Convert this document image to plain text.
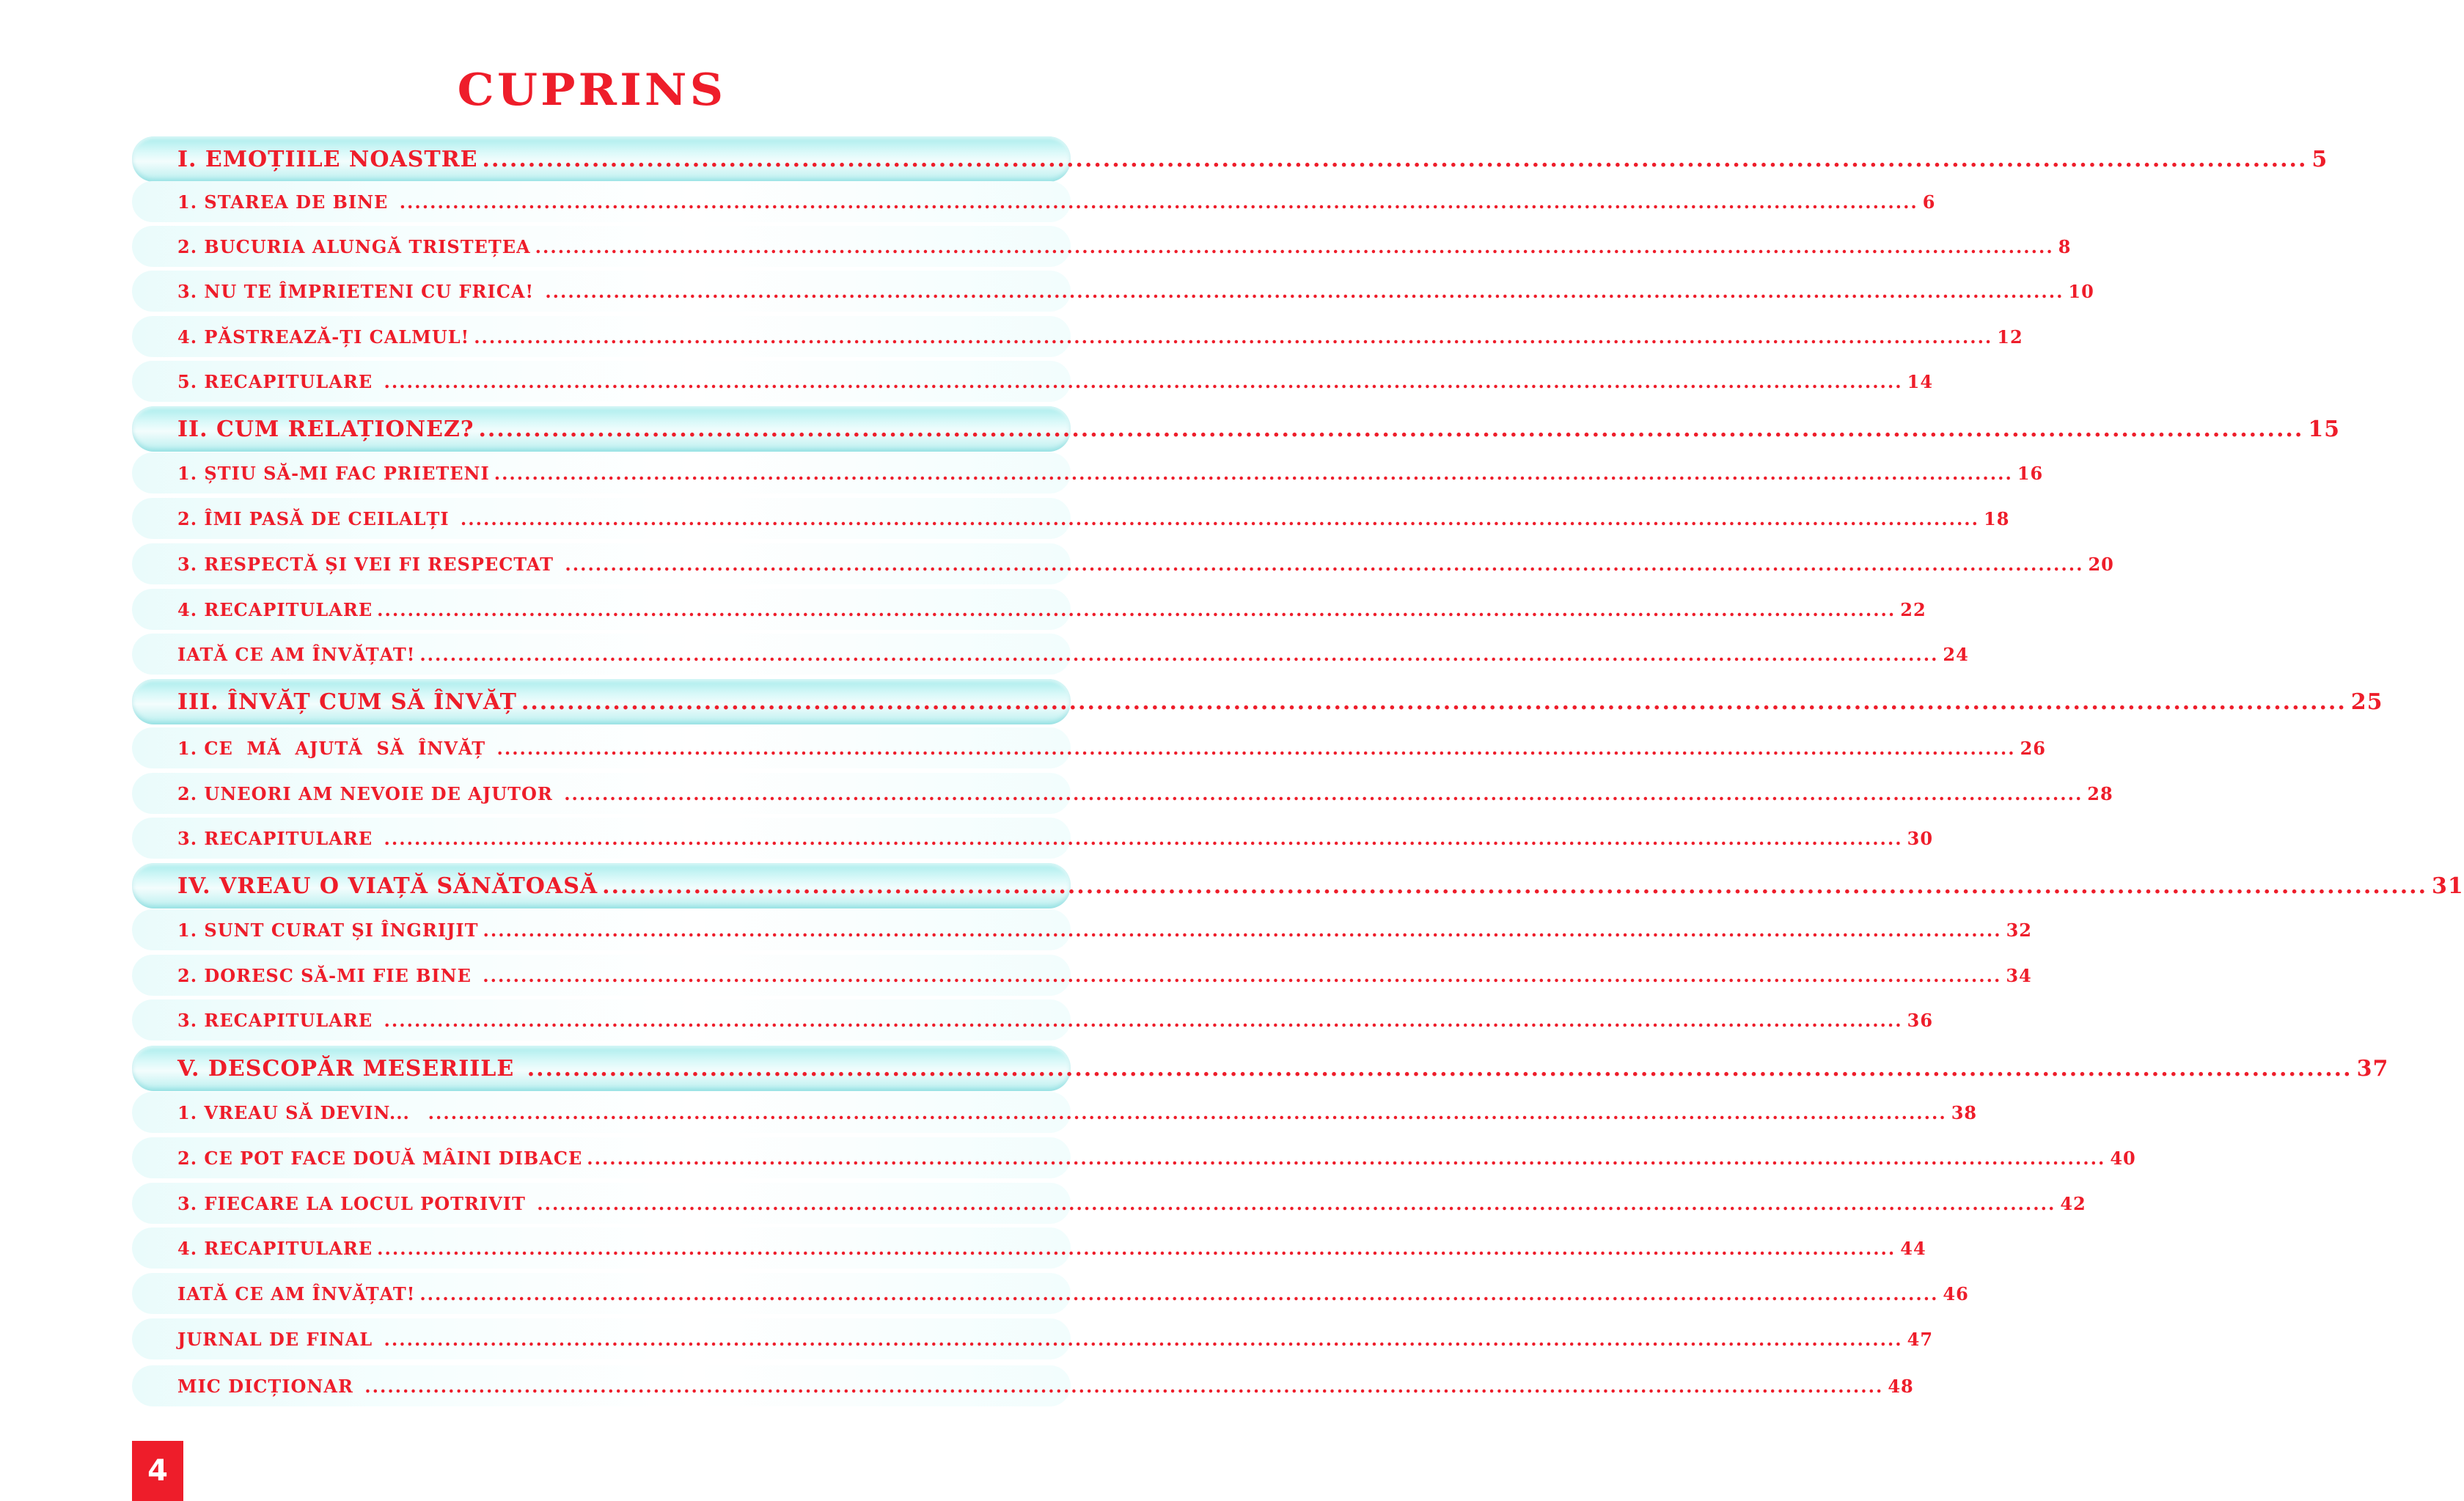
CUPRINS
I. EMOȚIILE NOASTRE ........................................................................................................................................................................................................ 5
1. STAREA DE BINE ........................................................................................................................................................................................................ 6
2. BUCURIA ALUNGĂ TRISTEȚEA ........................................................................................................................................................................................................ 8
3. NU TE ÎMPRIETENI CU FRICA! ........................................................................................................................................................................................................ 10
4. PĂSTREAZĂ-ȚI CALMUL! ........................................................................................................................................................................................................ 12
5. RECAPITULARE ........................................................................................................................................................................................................ 14
II. CUM RELAȚIONEZ? ........................................................................................................................................................................................................ 15
1. ȘTIU SĂ-MI FAC PRIETENI ........................................................................................................................................................................................................ 16
2. ÎMI PASĂ DE CEILALȚI ........................................................................................................................................................................................................ 18
3. RESPECTĂ ȘI VEI FI RESPECTAT ........................................................................................................................................................................................................ 20
4. RECAPITULARE ........................................................................................................................................................................................................ 22
IATĂ CE AM ÎNVĂȚAT! ........................................................................................................................................................................................................ 24
III. ÎNVĂȚ CUM SĂ ÎNVĂȚ ........................................................................................................................................................................................................ 25
1. CE  MĂ  AJUTĂ  SĂ  ÎNVĂȚ ........................................................................................................................................................................................................ 26
2. UNEORI AM NEVOIE DE AJUTOR ........................................................................................................................................................................................................ 28
3. RECAPITULARE ........................................................................................................................................................................................................ 30
IV. VREAU O VIAȚĂ SĂNĂTOASĂ ........................................................................................................................................................................................................ 31
1. SUNT CURAT ȘI ÎNGRIJIT ........................................................................................................................................................................................................ 32
2. DORESC SĂ-MI FIE BINE ........................................................................................................................................................................................................ 34
3. RECAPITULARE ........................................................................................................................................................................................................ 36
V. DESCOPĂR MESERIILE ........................................................................................................................................................................................................ 37
1. VREAU SĂ DEVIN... ........................................................................................................................................................................................................ 38
2. CE POT FACE DOUĂ MÂINI DIBACE ........................................................................................................................................................................................................ 40
3. FIECARE LA LOCUL POTRIVIT ........................................................................................................................................................................................................ 42
4. RECAPITULARE ........................................................................................................................................................................................................ 44
IATĂ CE AM ÎNVĂȚAT! ........................................................................................................................................................................................................ 46
JURNAL DE FINAL ........................................................................................................................................................................................................ 47
MIC DICȚIONAR ........................................................................................................................................................................................................ 48
4
